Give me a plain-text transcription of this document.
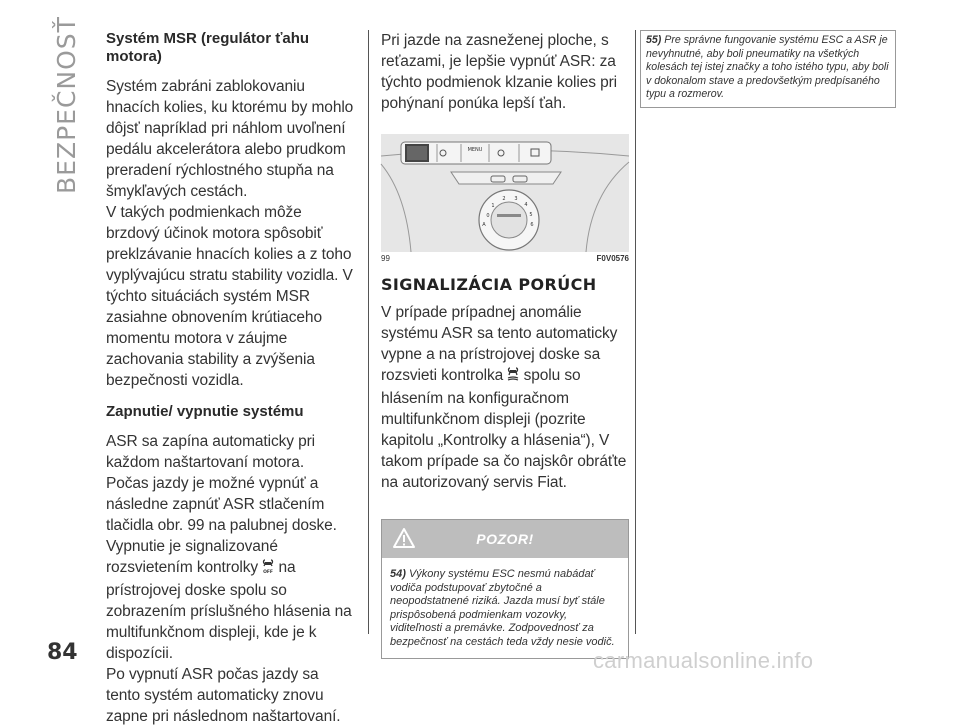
BEZPEČNOSŤ
84
Systém MSR (regulátor ťahu motora)

Systém zabráni zablokovaniu hnacích kolies, ku ktorému by mohlo dôjsť napríklad pri náhlom uvoľnení pedálu akcelerátora alebo prudkom preradení rýchlostného stupňa na šmykľavých cestách.

V takých podmienkach môže brzdový účinok motora spôsobiť preklzávanie hnacích kolies a z toho vyplývajúcu stratu stability vozidla. V týchto situáciách systém MSR zasiahne obnovením krútiaceho momentu motora v záujme zachovania stability a zvýšenia bezpečnosti vozidla.

Zapnutie/ vypnutie systému

ASR sa zapína automaticky pri každom naštartovaní motora.

Počas jazdy je možné vypnúť a následne zapnúť ASR stlačením tlačidla obr. 99 na palubnej doske.

Vypnutie je signalizované rozsvietením kontrolky OFF na prístrojovej doske spolu so zobrazením príslušného hlásenia na multifunkčnom displeji, kde je k dispozícii.

Po vypnutí ASR počas jazdy sa tento systém automaticky znovu zapne pri následnom naštartovaní.

Pri jazde na zasneženej ploche, s reťazami, je lepšie vypnúť ASR: za týchto podmienok klzanie kolies pri pohýnaní ponúka lepší ťah.

MENU
1
2 3
4
0
A
5
6
99	F0V0576
SIGNALIZÁCIA PORÚCH

V prípade prípadnej anomálie systému ASR sa tento automaticky vypne a na prístrojovej doske sa rozsvieti kontrolka spolu so hlásením na konfiguračnom multifunkčnom displeji (pozrite kapitolu „Kontrolky a hlásenia“), V takom prípade sa čo najskôr obráťte na autorizovaný servis Fiat.

POZOR!
54) Výkony systému ESC nesmú nabádať vodiča podstupovať zbytočné a neopodstatnené riziká. Jazda musí byť stále prispôsobená podmienkam vozovky, viditeľnosti a premávke. Zodpovednosť za bezpečnosť na cestách teda vždy nesie vodič.
55) Pre správne fungovanie systému ESC a ASR je nevyhnutné, aby boli pneumatiky na všetkých kolesách tej istej značky a toho istého typu, aby boli v dokonalom stave a predovšetkým predpísaného typu a rozmerov.
carmanualsonline.info
